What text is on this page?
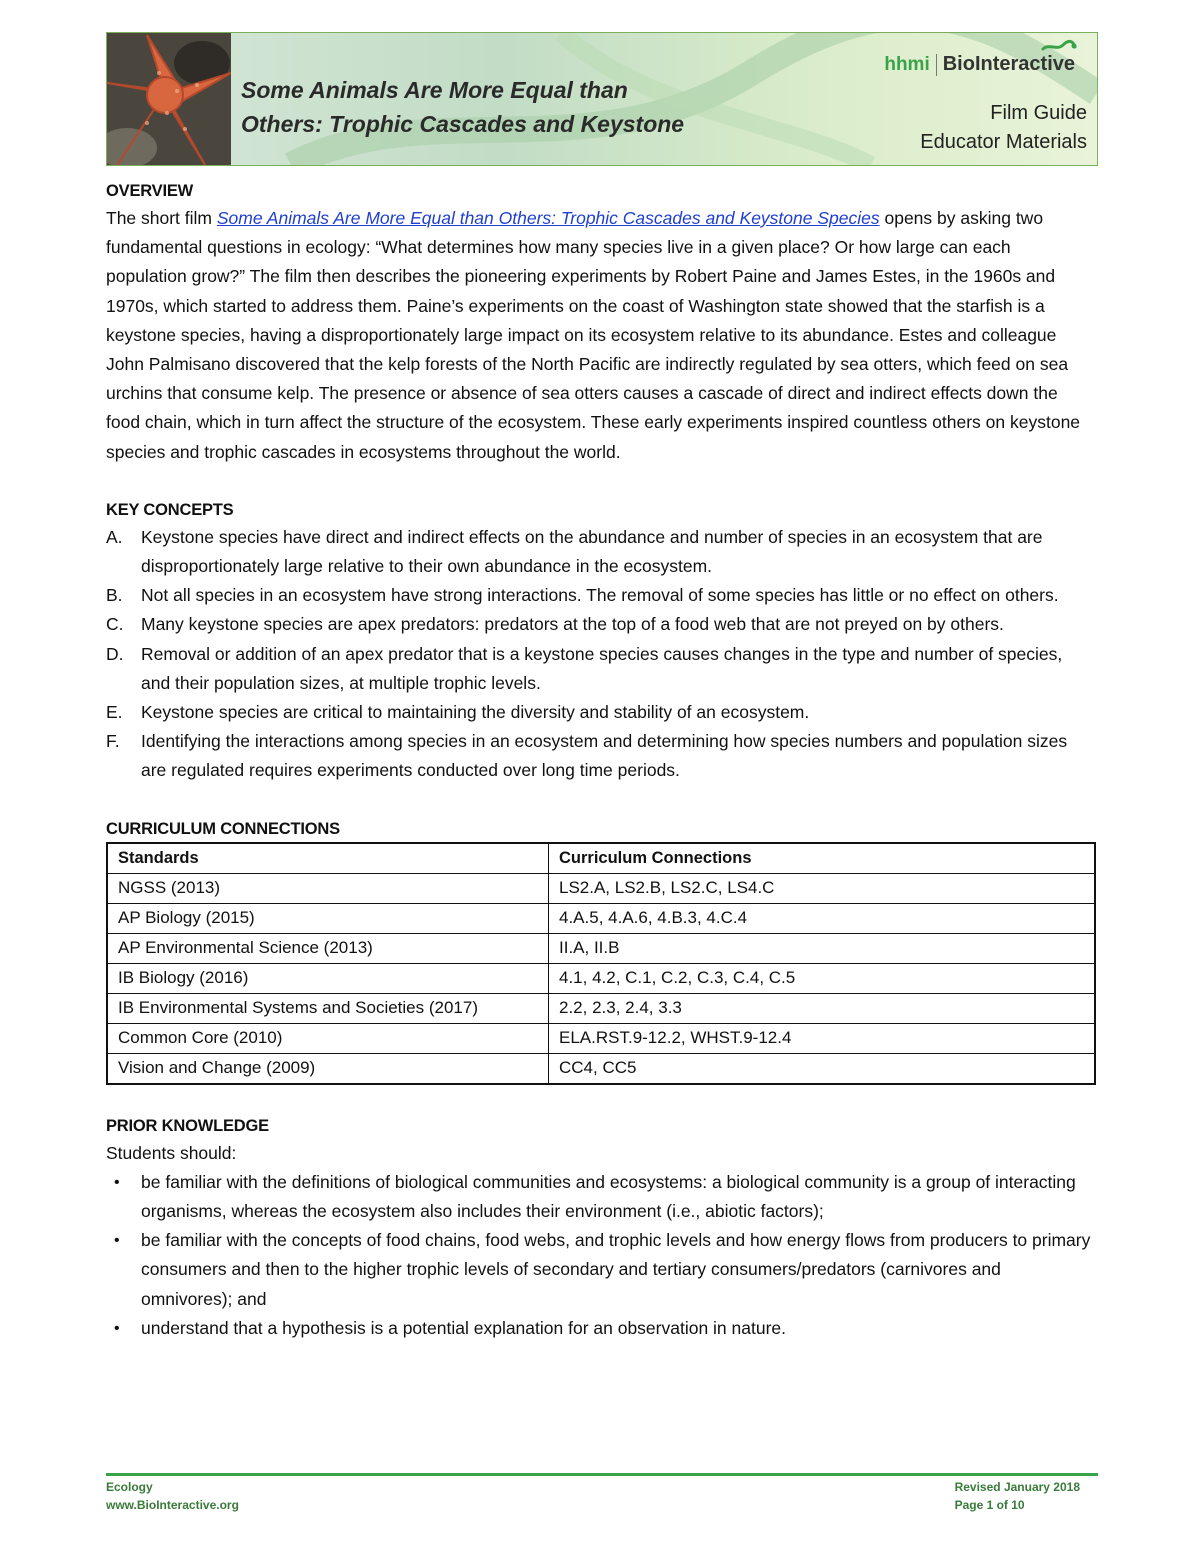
Some Animals Are More Equal than
Others: Trophic Cascades and Keystone
hhmi BioInteractive
Film Guide
Educator Materials
OVERVIEW

The short film Some Animals Are More Equal than Others: Trophic Cascades and Keystone Species opens by asking two fundamental questions in ecology: “What determines how many species live in a given place? Or how large can each population grow?” The film then describes the pioneering experiments by Robert Paine and James Estes, in the 1960s and 1970s, which started to address them. Paine’s experiments on the coast of Washington state showed that the starfish is a keystone species, having a disproportionately large impact on its ecosystem relative to its abundance. Estes and colleague John Palmisano discovered that the kelp forests of the North Pacific are indirectly regulated by sea otters, which feed on sea urchins that consume kelp. The presence or absence of sea otters causes a cascade of direct and indirect effects down the food chain, which in turn affect the structure of the ecosystem. These early experiments inspired countless others on keystone species and trophic cascades in ecosystems throughout the world.

KEY CONCEPTS
A. Keystone species have direct and indirect effects on the abundance and number of species in an ecosystem that are disproportionately large relative to their own abundance in the ecosystem.
B. Not all species in an ecosystem have strong interactions. The removal of some species has little or no effect on others.
C. Many keystone species are apex predators: predators at the top of a food web that are not preyed on by others.
D. Removal or addition of an apex predator that is a keystone species causes changes in the type and number of species, and their population sizes, at multiple trophic levels.
E. Keystone species are critical to maintaining the diversity and stability of an ecosystem.
F. Identifying the interactions among species in an ecosystem and determining how species numbers and population sizes are regulated requires experiments conducted over long time periods.
CURRICULUM CONNECTIONS
Standards	Curriculum Connections
NGSS (2013)	LS2.A, LS2.B, LS2.C, LS4.C
AP Biology (2015)	4.A.5, 4.A.6, 4.B.3, 4.C.4
AP Environmental Science (2013)	II.A, II.B
IB Biology (2016)	4.1, 4.2, C.1, C.2, C.3, C.4, C.5
IB Environmental Systems and Societies (2017)	2.2, 2.3, 2.4, 3.3
Common Core (2010)	ELA.RST.9-12.2, WHST.9-12.4
Vision and Change (2009)	CC4, CC5
PRIOR KNOWLEDGE

Students should:

• be familiar with the definitions of biological communities and ecosystems: a biological community is a group of interacting organisms, whereas the ecosystem also includes their environment (i.e., abiotic factors);
• be familiar with the concepts of food chains, food webs, and trophic levels and how energy flows from producers to primary consumers and then to the higher trophic levels of secondary and tertiary consumers/predators (carnivores and omnivores); and
• understand that a hypothesis is a potential explanation for an observation in nature.
Ecology
www.BioInteractive.org
Revised January 2018
Page 1 of 10
